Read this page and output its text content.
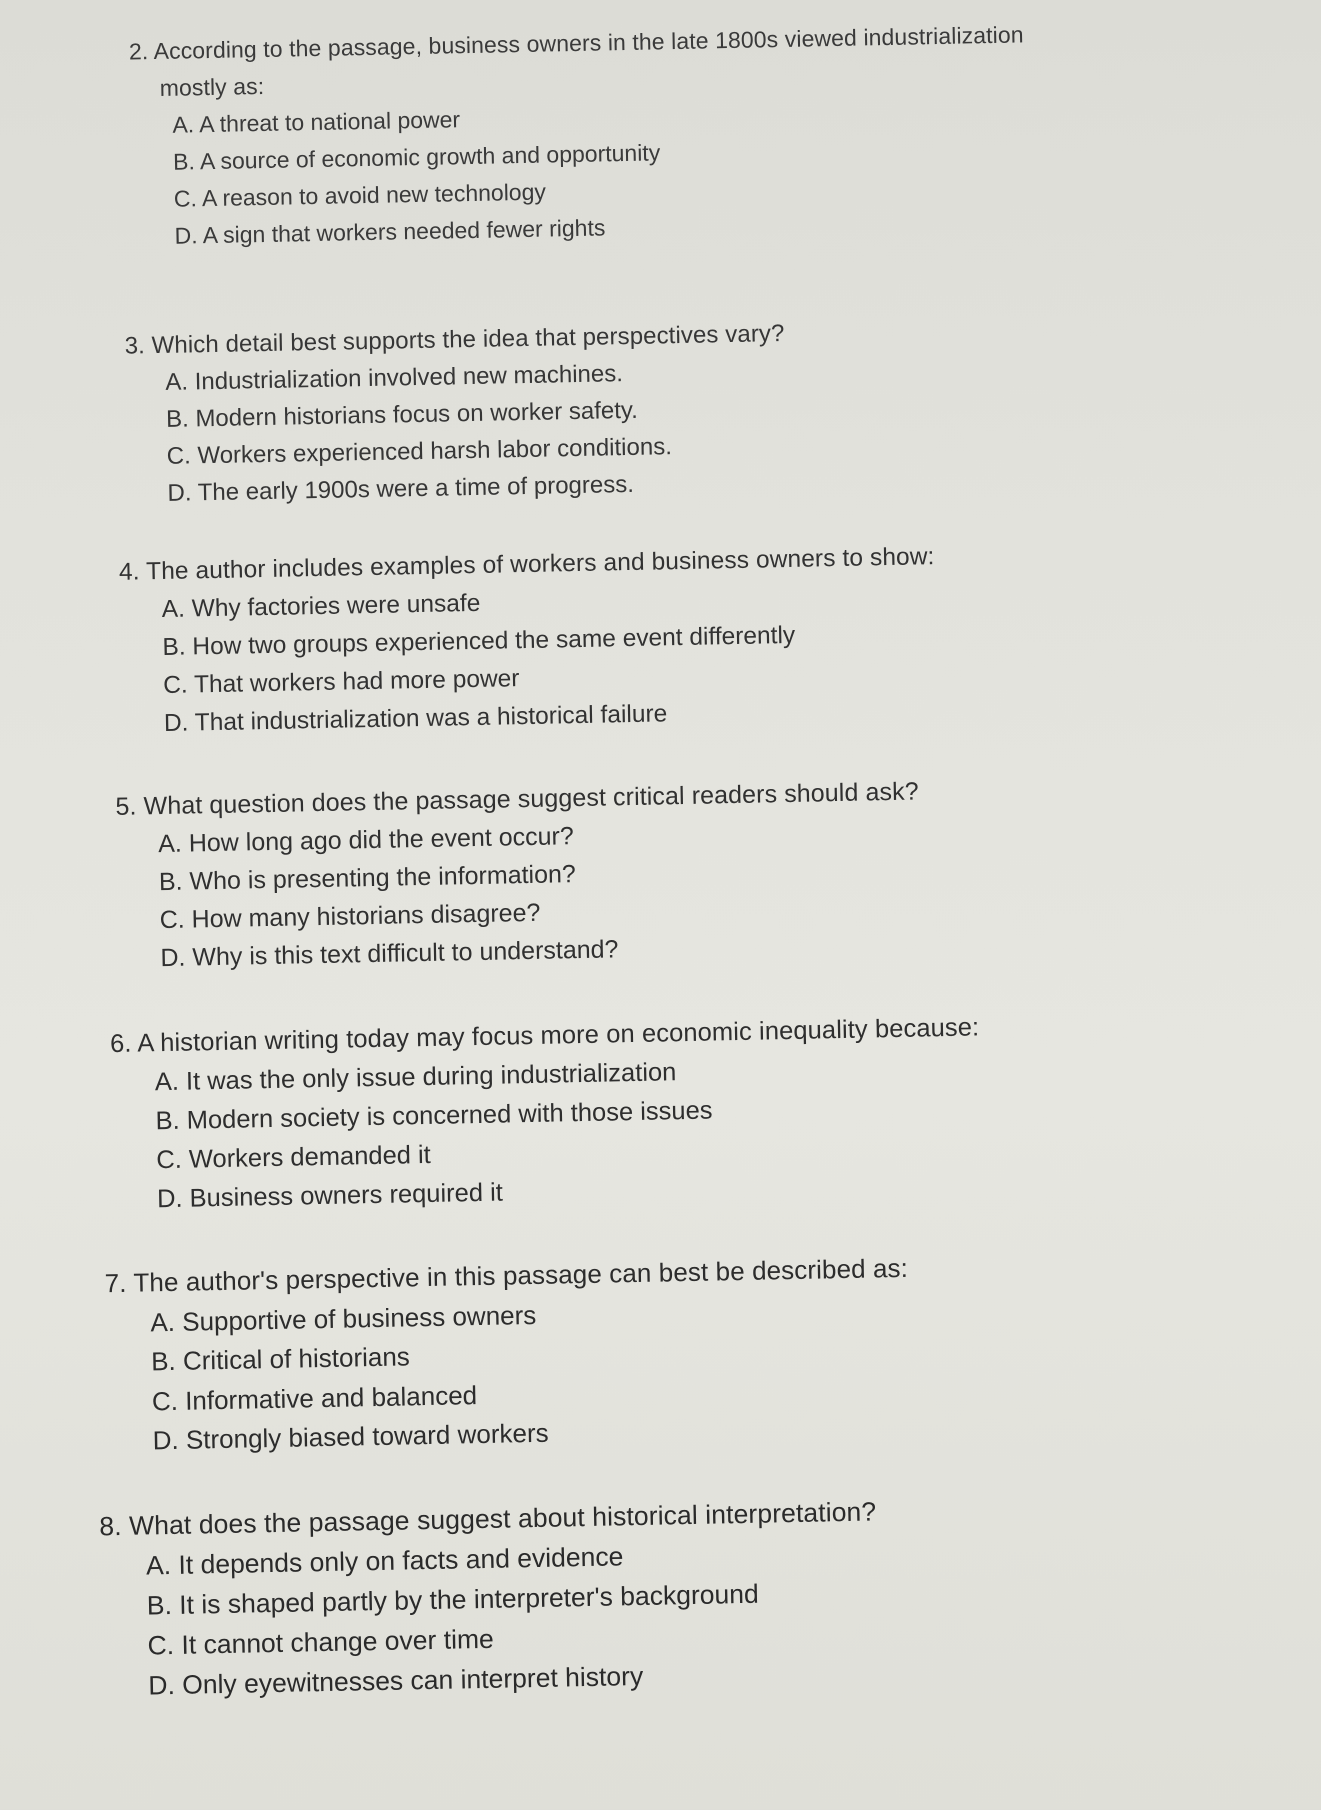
2. According to the passage, business owners in the late 1800s viewed industrialization

mostly as:

A. A threat to national power
B. A source of economic growth and opportunity
C. A reason to avoid new technology
D. A sign that workers needed fewer rights

3. Which detail best supports the idea that perspectives vary?

A. Industrialization involved new machines.
B. Modern historians focus on worker safety.
C. Workers experienced harsh labor conditions.
D. The early 1900s were a time of progress.

4. The author includes examples of workers and business owners to show:

A. Why factories were unsafe
B. How two groups experienced the same event differently
C. That workers had more power
D. That industrialization was a historical failure

5. What question does the passage suggest critical readers should ask?

A. How long ago did the event occur?
B. Who is presenting the information?
C. How many historians disagree?
D. Why is this text difficult to understand?

6. A historian writing today may focus more on economic inequality because:

A. It was the only issue during industrialization
B. Modern society is concerned with those issues
C. Workers demanded it
D. Business owners required it

7. The author's perspective in this passage can best be described as:

A. Supportive of business owners
B. Critical of historians
C. Informative and balanced
D. Strongly biased toward workers

8. What does the passage suggest about historical interpretation?

A. It depends only on facts and evidence
B. It is shaped partly by the interpreter's background
C. It cannot change over time
D. Only eyewitnesses can interpret history
